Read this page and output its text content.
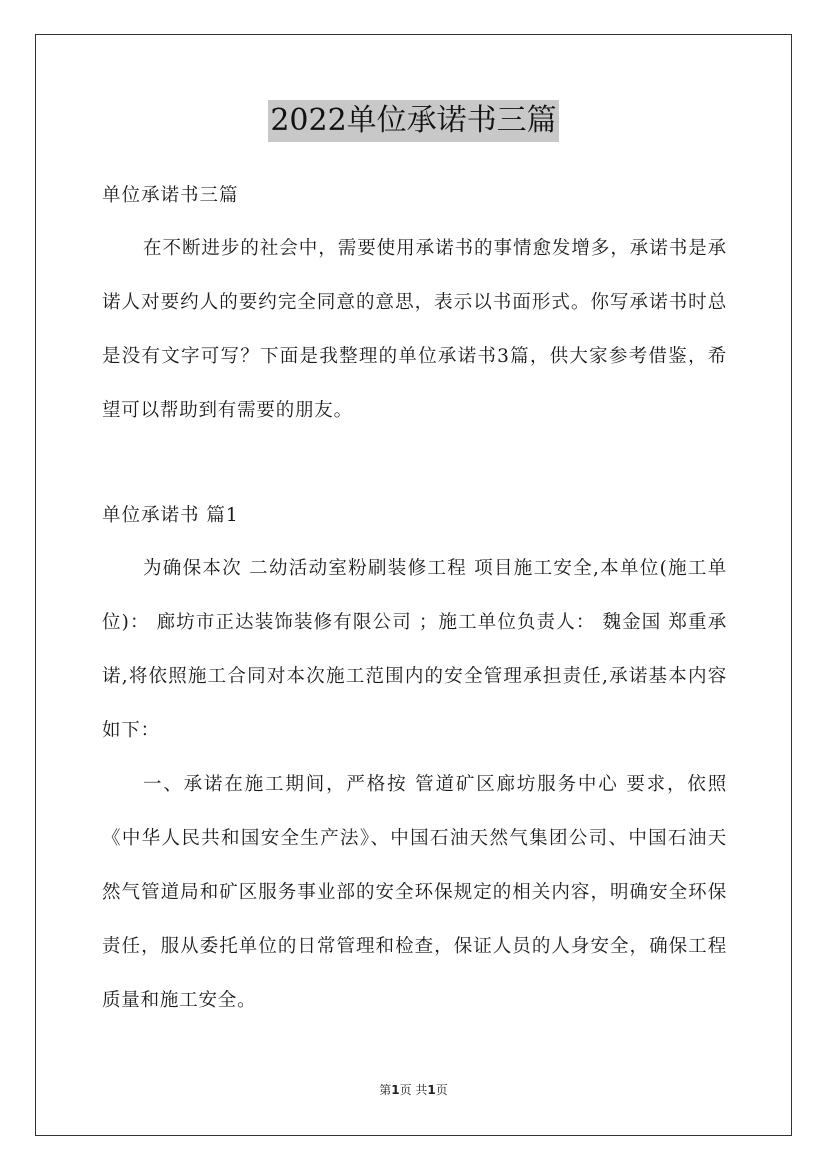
2022单位承诺书三篇

单位承诺书三篇

在不断进步的社会中，需要使用承诺书的事情愈发增多，承诺书是承诺人对要约人的要约完全同意的意思，表示以书面形式。你写承诺书时总是没有文字可写？下面是我整理的单位承诺书3篇，供大家参考借鉴，希望可以帮助到有需要的朋友。

单位承诺书 篇1

为确保本次 二幼活动室粉刷装修工程 项目施工安全,本单位(施工单位)： 廊坊市正达装饰装修有限公司 ；施工单位负责人： 魏金国 郑重承诺,将依照施工合同对本次施工范围内的安全管理承担责任,承诺基本内容如下：

一、承诺在施工期间，严格按 管道矿区廊坊服务中心 要求，依照《中华人民共和国安全生产法》、中国石油天然气集团公司、中国石油天然气管道局和矿区服务事业部的安全环保规定的相关内容，明确安全环保责任，服从委托单位的日常管理和检查，保证人员的人身安全，确保工程质量和施工安全。

第1页 共1页
